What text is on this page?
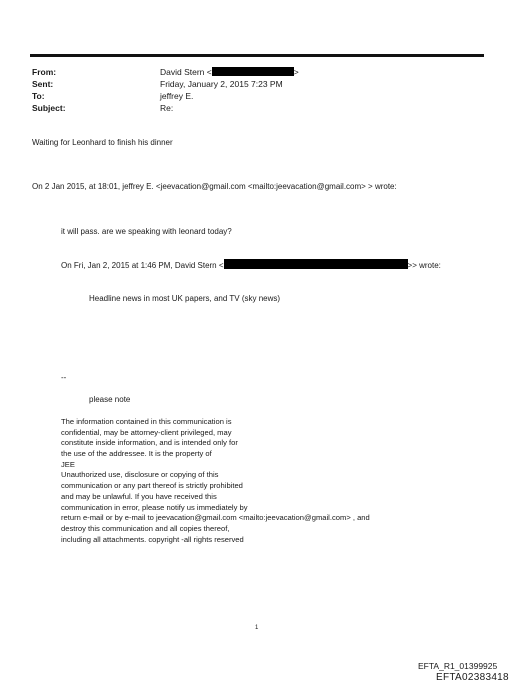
From:
Sent:
To:
Subject:
David Stern <	>
Friday, January 2, 2015 7:23 PM
jeffrey E.
Re:
Waiting for Leonhard to finish his dinner
On 2 Jan 2015, at 18:01, jeffrey E. <jeevacation@gmail.com <mailto:jeevacation@gmail.com> > wrote:
it will pass. are we speaking with leonard today?
On Fri, Jan 2, 2015 at 1:46 PM, David Stern <	>> wrote:
Headline news in most UK papers, and TV (sky news)
--
please note
The information contained in this communication is
confidential, may be attorney-client privileged, may
constitute inside information, and is intended only for
the use of the addressee. It is the property of
JEE
Unauthorized use, disclosure or copying of this
communication or any part thereof is strictly prohibited
and may be unlawful. If you have received this
communication in error, please notify us immediately by
return e-mail or by e-mail to jeevacation@gmail.com <mailto:jeevacation@gmail.com> , and
destroy this communication and all copies thereof,
including all attachments. copyright -all rights reserved
1
EFTA_R1_01399925
EFTA02383418
